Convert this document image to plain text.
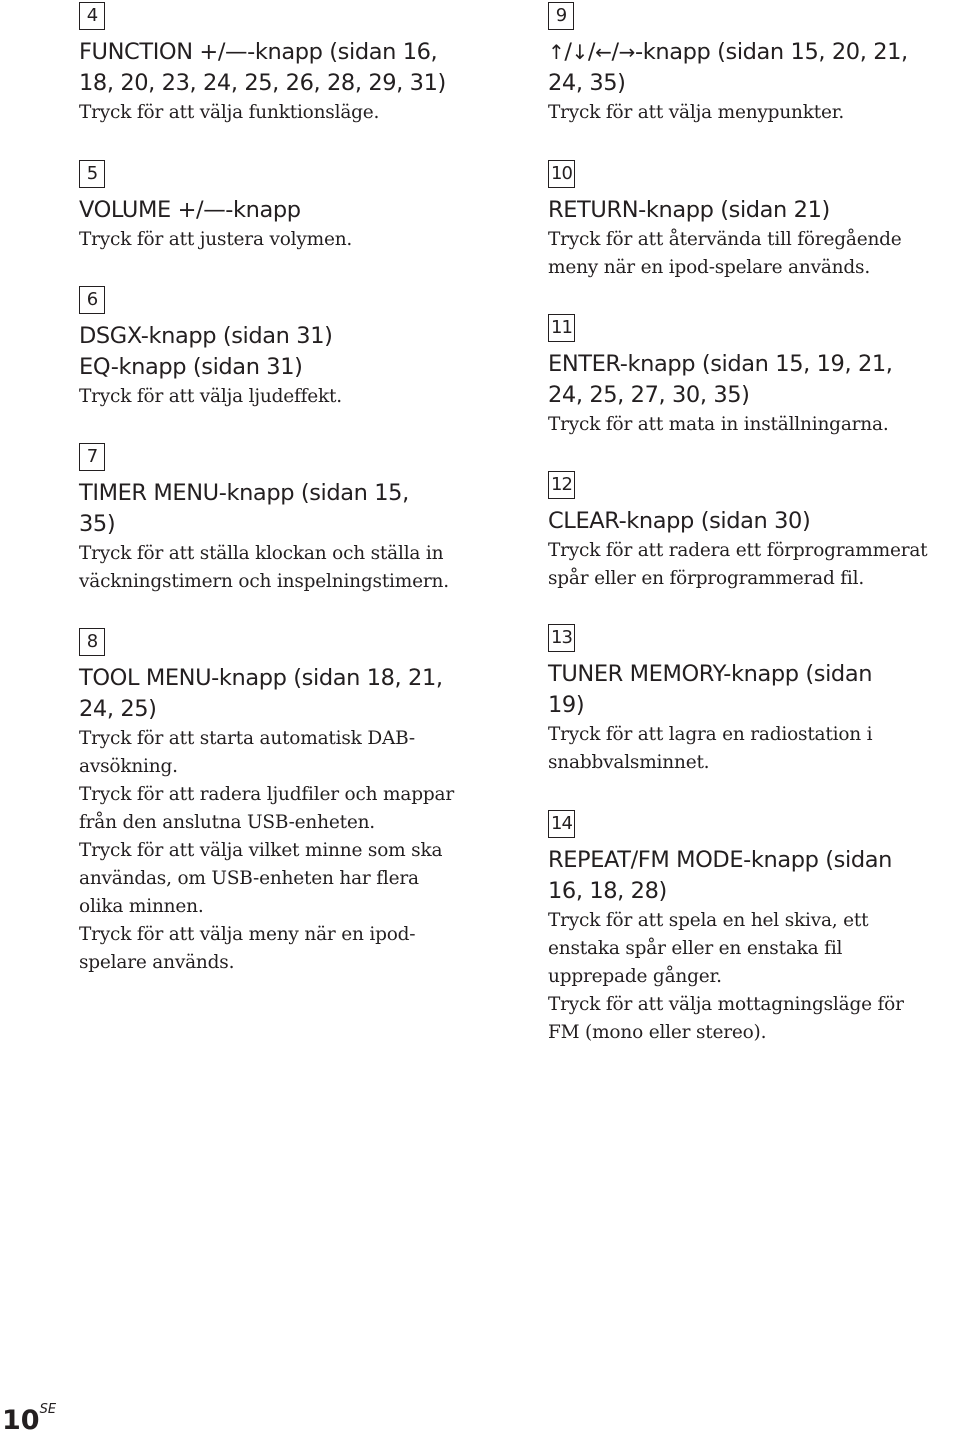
4
FUNCTION +/—-knapp (sidan 16,
18, 20, 23, 24, 25, 26, 28, 29, 31)
Tryck för att välja funktionsläge.
5
VOLUME +/—-knapp
Tryck för att justera volymen.
6
DSGX-knapp (sidan 31)
EQ-knapp (sidan 31)
Tryck för att välja ljudeffekt.
7
TIMER MENU-knapp (sidan 15,
35)
Tryck för att ställa klockan och ställa in
väckningstimern och inspelningstimern.
8
TOOL MENU-knapp (sidan 18, 21,
24, 25)
Tryck för att starta automatisk DAB-
avsökning.
Tryck för att radera ljudfiler och mappar
från den anslutna USB-enheten.
Tryck för att välja vilket minne som ska
användas, om USB-enheten har flera
olika minnen.
Tryck för att välja meny när en ipod-
spelare används.
9
↑/↓/←/→-knapp (sidan 15, 20, 21,
24, 35)
Tryck för att välja menypunkter.
10
RETURN-knapp (sidan 21)
Tryck för att återvända till föregående
meny när en ipod-spelare används.
11
ENTER-knapp (sidan 15, 19, 21,
24, 25, 27, 30, 35)
Tryck för att mata in inställningarna.
12
CLEAR-knapp (sidan 30)
Tryck för att radera ett förprogrammerat
spår eller en förprogrammerad fil.
13
TUNER MEMORY-knapp (sidan
19)
Tryck för att lagra en radiostation i
snabbvalsminnet.
14
REPEAT/FM MODE-knapp (sidan
16, 18, 28)
Tryck för att spela en hel skiva, ett
enstaka spår eller en enstaka fil
upprepade gånger.
Tryck för att välja mottagningsläge för
FM (mono eller stereo).
$10^{SE}$
